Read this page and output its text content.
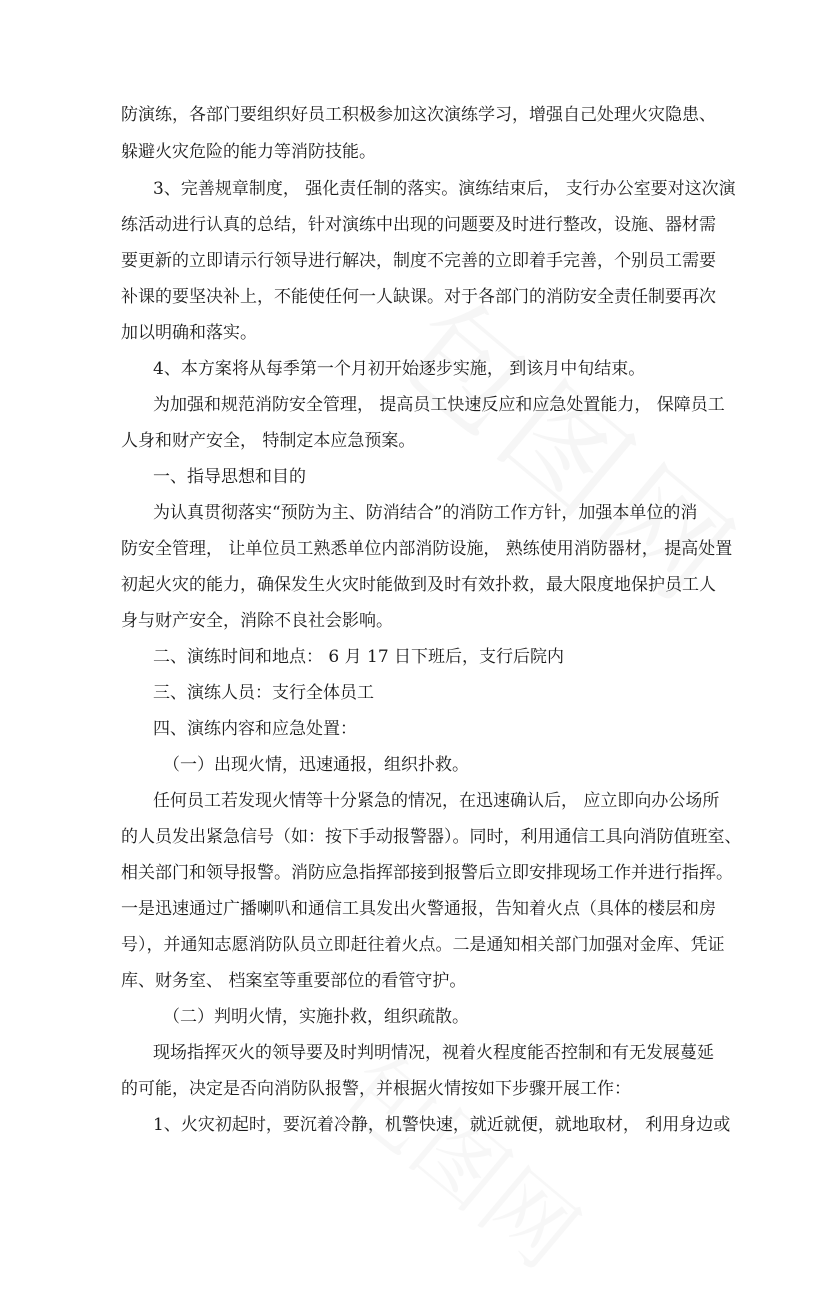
防演练，各部门要组织好员工积极参加这次演练学习，增强自己处理火灾隐患、
躲避火灾危险的能力等消防技能。
3、完善规章制度， 强化责任制的落实。演练结束后， 支行办公室要对这次演
练活动进行认真的总结，针对演练中出现的问题要及时进行整改，设施、器材需
要更新的立即请示行领导进行解决，制度不完善的立即着手完善，个别员工需要
补课的要坚决补上，不能使任何一人缺课。对于各部门的消防安全责任制要再次
加以明确和落实。
4、本方案将从每季第一个月初开始逐步实施， 到该月中旬结束。
为加强和规范消防安全管理， 提高员工快速反应和应急处置能力， 保障员工
人身和财产安全， 特制定本应急预案。
一、指导思想和目的
为认真贯彻落实“预防为主、防消结合”的消防工作方针，加强本单位的消
防安全管理， 让单位员工熟悉单位内部消防设施， 熟练使用消防器材， 提高处置
初起火灾的能力，确保发生火灾时能做到及时有效扑救，最大限度地保护员工人
身与财产安全，消除不良社会影响。
二、演练时间和地点： 6 月 17 日下班后，支行后院内
三、演练人员：支行全体员工
四、演练内容和应急处置：
（一）出现火情，迅速通报，组织扑救。
任何员工若发现火情等十分紧急的情况，在迅速确认后， 应立即向办公场所
的人员发出紧急信号（如：按下手动报警器）。同时，利用通信工具向消防值班室、
相关部门和领导报警。消防应急指挥部接到报警后立即安排现场工作并进行指挥。
一是迅速通过广播喇叭和通信工具发出火警通报，告知着火点（具体的楼层和房
号），并通知志愿消防队员立即赶往着火点。二是通知相关部门加强对金库、凭证
库、财务室、 档案室等重要部位的看管守护。
（二）判明火情，实施扑救，组织疏散。
现场指挥灭火的领导要及时判明情况，视着火程度能否控制和有无发展蔓延
的可能，决定是否向消防队报警，并根据火情按如下步骤开展工作：
1、火灾初起时，要沉着冷静，机警快速，就近就便，就地取材， 利用身边或
